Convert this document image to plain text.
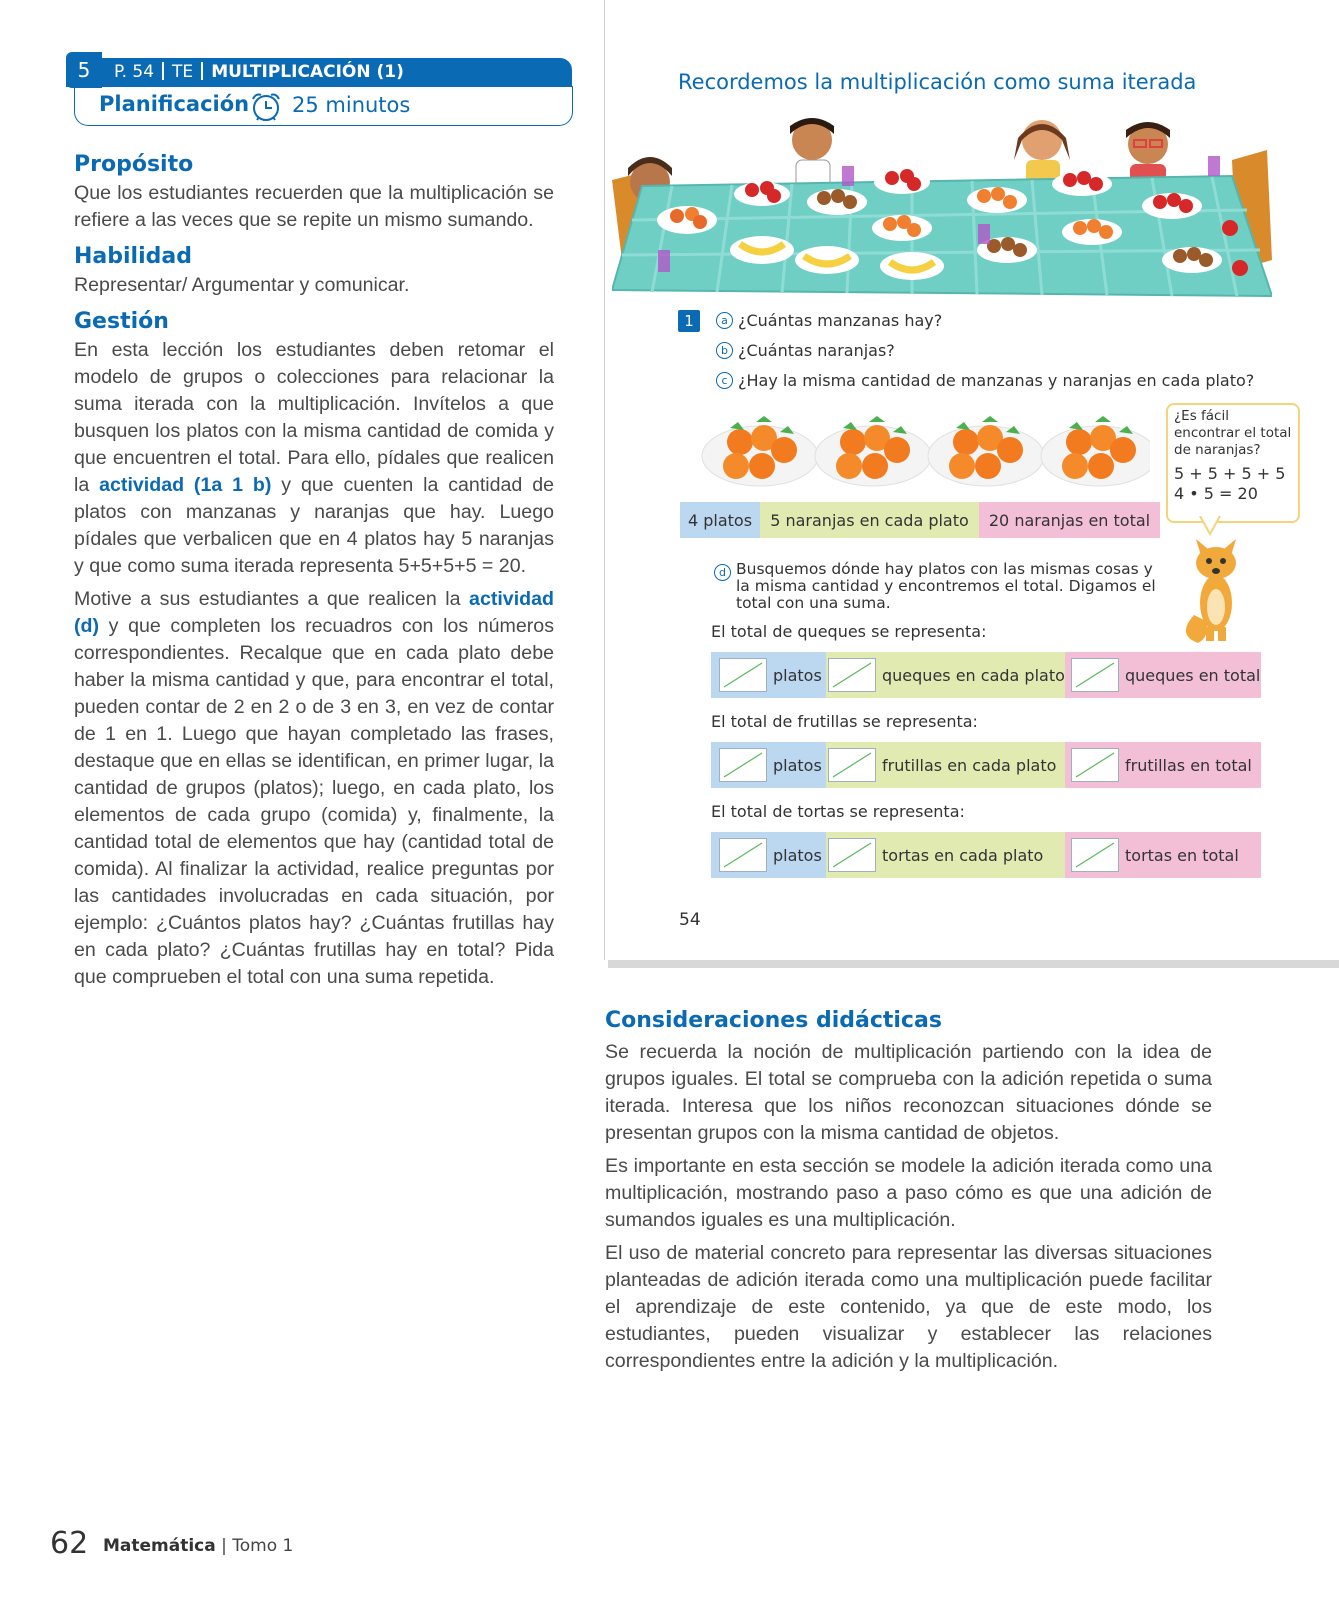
5	P. 54 TE MULTIPLICACIÓN (1)
Planificación 25 minutos
Propósito

Que los estudiantes recuerden que la multiplicación se refiere a las veces que se repite un mismo sumando.

Habilidad

Representar/ Argumentar y comunicar.

Gestión

En esta lección los estudiantes deben retomar el modelo de grupos o colecciones para relacionar la suma iterada con la multiplicación. Invítelos a que busquen los platos con la misma cantidad de comida y que encuentren el total. Para ello, pídales que realicen la actividad (1a 1 b) y que cuenten la cantidad de platos con manzanas y naranjas que hay. Luego pídales que verbalicen que en 4 platos hay 5 naranjas y que como suma iterada representa 5+5+5+5 = 20.

Motive a sus estudiantes a que realicen la actividad (d) y que completen los recuadros con los números correspondientes. Recalque que en cada plato debe haber la misma cantidad y que, para encontrar el total, pueden contar de 2 en 2 o de 3 en 3, en vez de contar de 1 en 1. Luego que hayan completado las frases, destaque que en ellas se identifican, en primer lugar, la cantidad de grupos (platos); luego, en cada plato, los elementos de cada grupo (comida) y, finalmente, la cantidad total de elementos que hay (cantidad total de comida). Al finalizar la actividad, realice preguntas por las cantidades involucradas en cada situación, por ejemplo: ¿Cuántos platos hay? ¿Cuántas frutillas hay en cada plato? ¿Cuántas frutillas hay en total? Pida que comprueben el total con una suma repetida.

Recordemos la multiplicación como suma iterada
1	a ¿Cuántas manzanas hay?
b ¿Cuántas naranjas?
c ¿Hay la misma cantidad de manzanas y naranjas en cada plato?
¿Es fácil encontrar el total de naranjas?
5 + 5 + 5 + 5
4 • 5 = 20
4 platos	5 naranjas en cada plato	20 naranjas en total
d Busquemos dónde hay platos con las mismas cosas y la misma cantidad y encontremos el total. Digamos el total con una suma.
El total de queques se representa:
platos	queques en cada plato	queques en total
El total de frutillas se representa:
platos	frutillas en cada plato	frutillas en total
El total de tortas se representa:
platos	tortas en cada plato	tortas en total
54
Consideraciones didácticas

Se recuerda la noción de multiplicación partiendo con la idea de grupos iguales. El total se comprueba con la adición repetida o suma iterada. Interesa que los niños reconozcan situaciones dónde se presentan grupos con la misma cantidad de objetos.

Es importante en esta sección se modele la adición iterada como una multiplicación, mostrando paso a paso cómo es que una adición de sumandos iguales es una multiplicación.

El uso de material concreto para representar las diversas situaciones planteadas de adición iterada como una multiplicación puede facilitar el aprendizaje de este contenido, ya que de este modo, los estudiantes, pueden visualizar y establecer las relaciones correspondientes entre la adición y la multiplicación.

62 Matemática | Tomo 1
